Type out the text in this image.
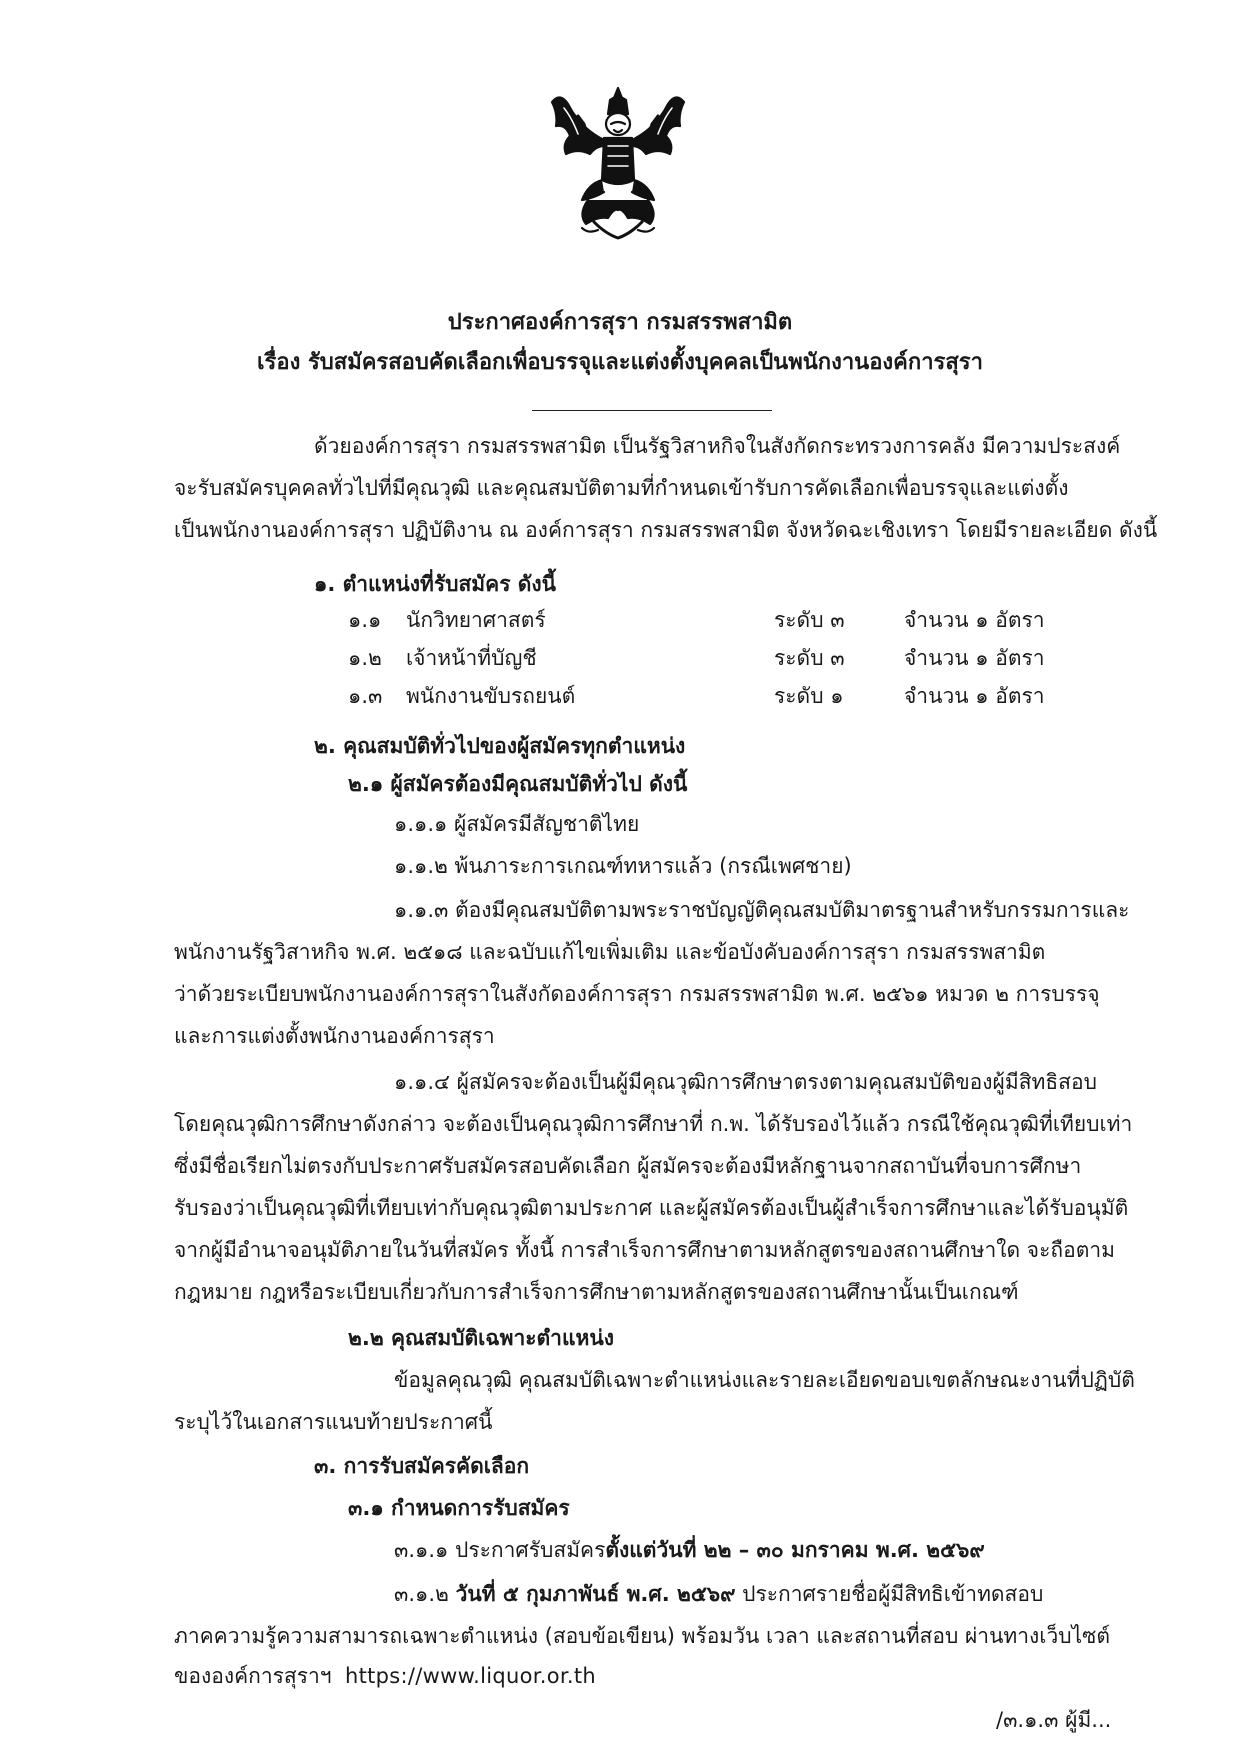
ประกาศองค์การสุรา กรมสรรพสามิต
เรื่อง รับสมัครสอบคัดเลือกเพื่อบรรจุและแต่งตั้งบุคคลเป็นพนักงานองค์การสุรา
ด้วยองค์การสุรา กรมสรรพสามิต เป็นรัฐวิสาหกิจในสังกัดกระทรวงการคลัง มีความประสงค์
จะรับสมัครบุคคลทั่วไปที่มีคุณวุฒิ และคุณสมบัติตามที่กำหนดเข้ารับการคัดเลือกเพื่อบรรจุและแต่งตั้ง
เป็นพนักงานองค์การสุรา ปฏิบัติงาน ณ องค์การสุรา กรมสรรพสามิต จังหวัดฉะเชิงเทรา โดยมีรายละเอียด ดังนี้
๑. ตำแหน่งที่รับสมัคร ดังนี้
๑.๑ นักวิทยาศาสตร์	ระดับ ๓	จำนวน ๑ อัตรา
๑.๒ เจ้าหน้าที่บัญชี	ระดับ ๓	จำนวน ๑ อัตรา
๑.๓ พนักงานขับรถยนต์	ระดับ ๑	จำนวน ๑ อัตรา
๒. คุณสมบัติทั่วไปของผู้สมัครทุกตำแหน่ง
๒.๑ ผู้สมัครต้องมีคุณสมบัติทั่วไป ดังนี้
๑.๑.๑ ผู้สมัครมีสัญชาติไทย
๑.๑.๒ พ้นภาระการเกณฑ์ทหารแล้ว (กรณีเพศชาย)
๑.๑.๓ ต้องมีคุณสมบัติตามพระราชบัญญัติคุณสมบัติมาตรฐานสำหรับกรรมการและ
พนักงานรัฐวิสาหกิจ พ.ศ. ๒๕๑๘ และฉบับแก้ไขเพิ่มเติม และข้อบังคับองค์การสุรา กรมสรรพสามิต
ว่าด้วยระเบียบพนักงานองค์การสุราในสังกัดองค์การสุรา กรมสรรพสามิต พ.ศ. ๒๕๖๑ หมวด ๒ การบรรจุ
และการแต่งตั้งพนักงานองค์การสุรา
๑.๑.๔ ผู้สมัครจะต้องเป็นผู้มีคุณวุฒิการศึกษาตรงตามคุณสมบัติของผู้มีสิทธิสอบ
โดยคุณวุฒิการศึกษาดังกล่าว จะต้องเป็นคุณวุฒิการศึกษาที่ ก.พ. ได้รับรองไว้แล้ว กรณีใช้คุณวุฒิที่เทียบเท่า
ซึ่งมีชื่อเรียกไม่ตรงกับประกาศรับสมัครสอบคัดเลือก ผู้สมัครจะต้องมีหลักฐานจากสถาบันที่จบการศึกษา
รับรองว่าเป็นคุณวุฒิที่เทียบเท่ากับคุณวุฒิตามประกาศ และผู้สมัครต้องเป็นผู้สำเร็จการศึกษาและได้รับอนุมัติ
จากผู้มีอำนาจอนุมัติภายในวันที่สมัคร ทั้งนี้ การสำเร็จการศึกษาตามหลักสูตรของสถานศึกษาใด จะถือตาม
กฎหมาย กฎหรือระเบียบเกี่ยวกับการสำเร็จการศึกษาตามหลักสูตรของสถานศึกษานั้นเป็นเกณฑ์
๒.๒ คุณสมบัติเฉพาะตำแหน่ง
ข้อมูลคุณวุฒิ คุณสมบัติเฉพาะตำแหน่งและรายละเอียดขอบเขตลักษณะงานที่ปฏิบัติ
ระบุไว้ในเอกสารแนบท้ายประกาศนี้
๓. การรับสมัครคัดเลือก
๓.๑ กำหนดการรับสมัคร
๓.๑.๑ ประกาศรับสมัครตั้งแต่วันที่ ๒๒ – ๓๐ มกราคม พ.ศ. ๒๕๖๙
๓.๑.๒ วันที่ ๕ กุมภาพันธ์ พ.ศ. ๒๕๖๙ ประกาศรายชื่อผู้มีสิทธิเข้าทดสอบ
ภาคความรู้ความสามารถเฉพาะตำแหน่ง (สอบข้อเขียน) พร้อมวัน เวลา และสถานที่สอบ ผ่านทางเว็บไซต์
ขององค์การสุราฯ https://www.liquor.or.th
/๓.๑.๓ ผู้มี...
